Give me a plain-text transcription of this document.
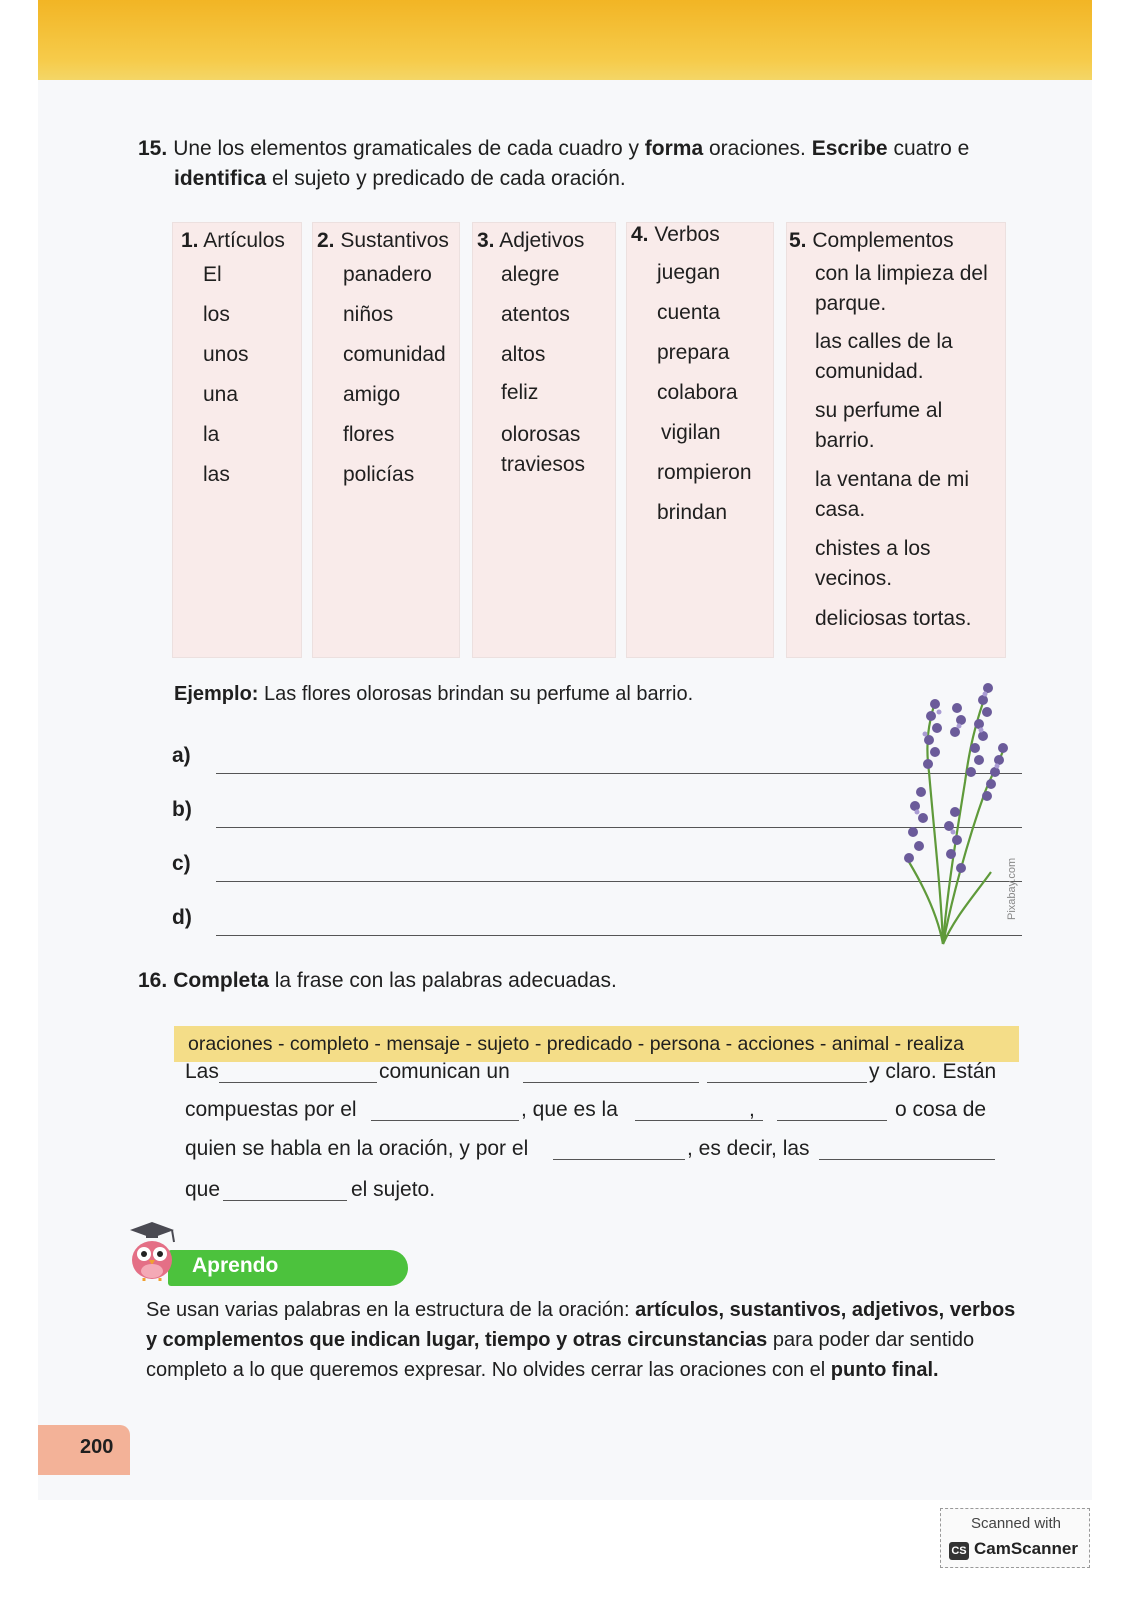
15. Une los elementos gramaticales de cada cuadro y forma oraciones. Escribe cuatro e
identifica el sujeto y predicado de cada oración.
1. Artículos
El
los
unos
una
la
las
2. Sustantivos
panadero
niños
comunidad
amigo
flores
policías
3. Adjetivos
alegre
atentos
altos
feliz
olorosas
traviesos
4. Verbos
juegan
cuenta
prepara
colabora
vigilan
rompieron
brindan
5. Complementos
con la limpieza del
parque.
las calles de la
comunidad.
su perfume al
barrio.
la ventana de mi
casa.
chistes a los
vecinos.
deliciosas tortas.
Ejemplo: Las flores olorosas brindan su perfume al barrio.
a)
b)
c)
d)	Pixabay.com
16. Completa la frase con las palabras adecuadas.
oraciones - completo - mensaje - sujeto - predicado - persona - acciones - animal - realiza
Las	comunican un	y claro. Están
compuestas por el	, que es la	,	o cosa de
quien se habla en la oración, y por el	, es decir, las
que	el sujeto.
Aprendo
Se usan varias palabras en la estructura de la oración: artículos, sustantivos, adjetivos, verbos
y complementos que indican lugar, tiempo y otras circunstancias para poder dar sentido
completo a lo que queremos expresar. No olvides cerrar las oraciones con el punto final.
200
Scanned with
CS CamScanner
